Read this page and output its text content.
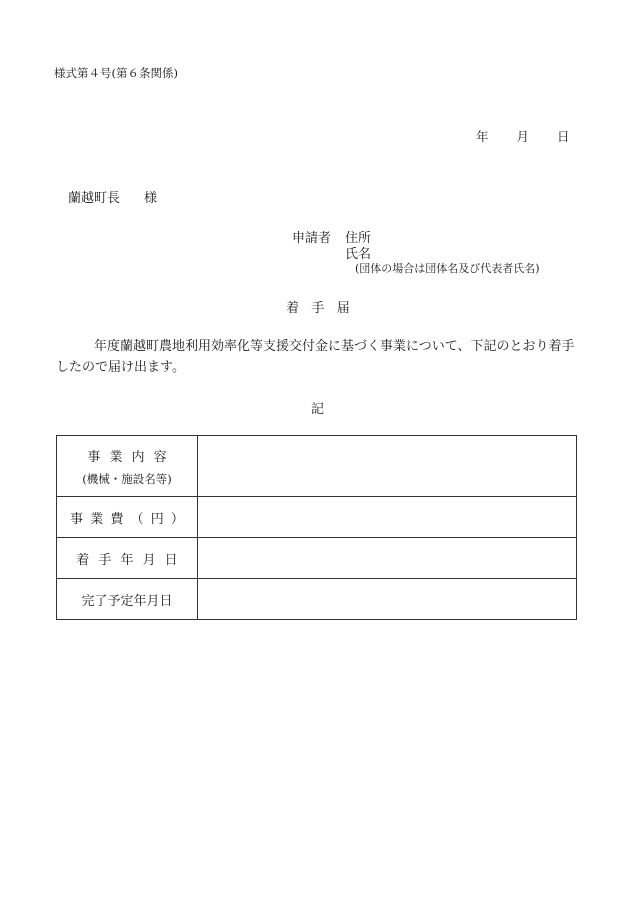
様式第４号(第６条関係)
年 月 日
蘭越町長 様
申請者 住所
氏名
(団体の場合は団体名及び代表者氏名)
着手届
年度蘭越町農地利用効率化等支援交付金に基づく事業について、下記のとおり着手したので届け出ます。
記
事業内容
(機械・施設名等)	

事業費（円）	
着手年月日	
完了予定年月日	
